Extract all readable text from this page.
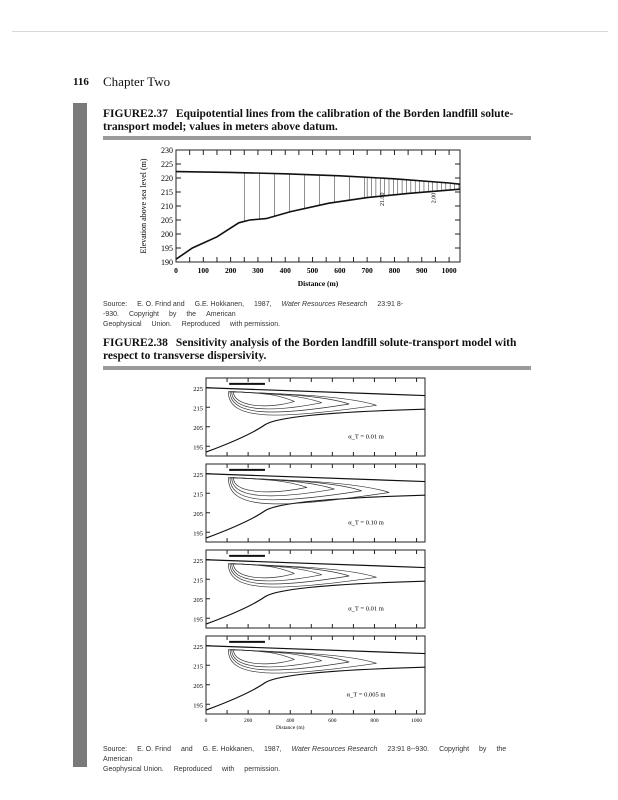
116 Chapter Two
FIGURE2.37 Equipotential lines from the calibration of the Borden landfill solute-transport model; values in meters above datum.
190
195
200
205
210
215
220
225
230
0	100 200 300 400 500 600 700 800 900 1000
21.00	2.00
Distance (m)
Elevation above sea level (m)
Source: E. O. Frind and G.E. Hokkanen, 1987, Water Resources Research 23:91 8--930. Copyright by the American
Geophysical Union. Reproduced with permission.
FIGURE2.38 Sensitivity analysis of the Borden landfill solute-transport model with respect to transverse dispersivity.
195
205
215
225
α_T = 0.01 m
195
205
215
225
α_T = 0.10 m
195
205
215
225
α_T = 0.01 m
195
205
215
225
α_T = 0.005 m
0	200	400	600	800	1000
Distance (m)
Source: E. O. Frind and G. E. Hokkanen, 1987, Water Resources Research 23:91 8--930. Copyright by the American
Geophysical Union. Reproduced with permission.
